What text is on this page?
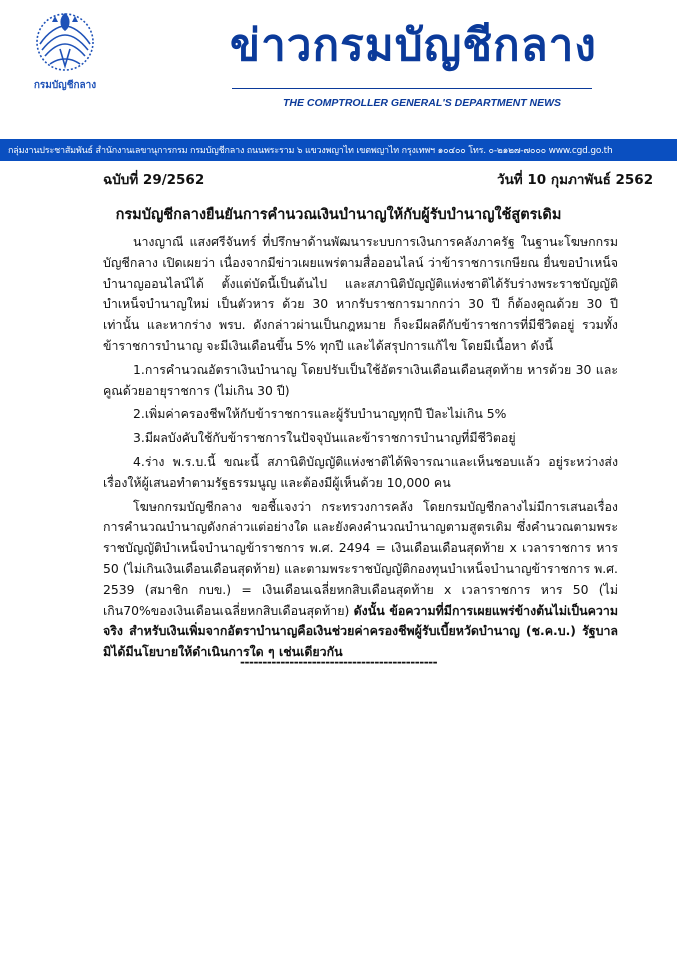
กรมบัญชีกลาง
ข่าวกรมบัญชีกลาง
THE COMPTROLLER GENERAL'S DEPARTMENT NEWS
กลุ่มงานประชาสัมพันธ์ สำนักงานเลขานุการกรม กรมบัญชีกลาง ถนนพระราม ๖ แขวงพญาไท เขตพญาไท กรุงเทพฯ ๑๐๔๐๐ โทร. ๐-๒๑๒๗-๗๐๐๐ www.cgd.go.th
ฉบับที่ 29/2562	วันที่ 10 กุมภาพันธ์ 2562
กรมบัญชีกลางยืนยันการคำนวณเงินบำนาญให้กับผู้รับบำนาญใช้สูตรเดิม

นางญาณี แสงศรีจันทร์ ที่ปรึกษาด้านพัฒนาระบบการเงินการคลังภาครัฐ ในฐานะโฆษกกรมบัญชีกลาง เปิดเผยว่า เนื่องจากมีข่าวเผยแพร่ตามสื่อออนไลน์ ว่าข้าราชการเกษียณ ยื่นขอบำเหน็จบำนาญออนไลน์ได้ ตั้งแต่บัดนี้เป็นต้นไป และสภานิติบัญญัติแห่งชาติได้รับร่างพระราชบัญญัติบำเหน็จบำนาญใหม่ เป็นตัวหาร ด้วย 30 หากรับราชการมากกว่า 30 ปี ก็ต้องคูณด้วย 30 ปี เท่านั้น และหากร่าง พรบ. ดังกล่าวผ่านเป็นกฎหมาย ก็จะมีผลดีกับข้าราชการที่มีชีวิตอยู่ รวมทั้งข้าราชการบำนาญ จะมีเงินเดือนขึ้น 5% ทุกปี และได้สรุปการแก้ไข โดยมีเนื้อหา ดังนี้

1.การคำนวณอัตราเงินบำนาญ โดยปรับเป็นใช้อัตราเงินเดือนเดือนสุดท้าย หารด้วย 30 และคูณด้วยอายุราชการ (ไม่เกิน 30 ปี)

2.เพิ่มค่าครองชีพให้กับข้าราชการและผู้รับบำนาญทุกปี ปีละไม่เกิน 5%

3.มีผลบังคับใช้กับข้าราชการในปัจจุบันและข้าราชการบำนาญที่มีชีวิตอยู่

4.ร่าง พ.ร.บ.นี้ ขณะนี้ สภานิติบัญญัติแห่งชาติได้พิจารณาและเห็นชอบแล้ว อยู่ระหว่างส่งเรื่องให้ผู้เสนอทำตามรัฐธรรมนูญ และต้องมีผู้เห็นด้วย 10,000 คน

โฆษกกรมบัญชีกลาง ขอชี้แจงว่า กระทรวงการคลัง โดยกรมบัญชีกลางไม่มีการเสนอเรื่องการคำนวณบำนาญดังกล่าวแต่อย่างใด และยังคงคำนวณบำนาญตามสูตรเดิม ซึ่งคำนวณตามพระราชบัญญัติบำเหน็จบำนาญข้าราชการ พ.ศ. 2494 = เงินเดือนเดือนสุดท้าย x เวลาราชการ หาร 50 (ไม่เกินเงินเดือนเดือนสุดท้าย) และตามพระราชบัญญัติกองทุนบำเหน็จบำนาญข้าราชการ พ.ศ. 2539 (สมาชิก กบข.) = เงินเดือนเฉลี่ยหกสิบเดือนสุดท้าย x เวลาราชการ หาร 50 (ไม่เกิน70%ของเงินเดือนเฉลี่ยหกสิบเดือนสุดท้าย) ดังนั้น ข้อความที่มีการเผยแพร่ข้างต้นไม่เป็นความจริง สำหรับเงินเพิ่มจากอัตราบำนาญคือเงินช่วยค่าครองชีพผู้รับเบี้ยหวัดบำนาญ (ช.ค.บ.) รัฐบาลมิได้มีนโยบายให้ดำเนินการใด ๆ เช่นเดียวกัน

--------------------------------------------
